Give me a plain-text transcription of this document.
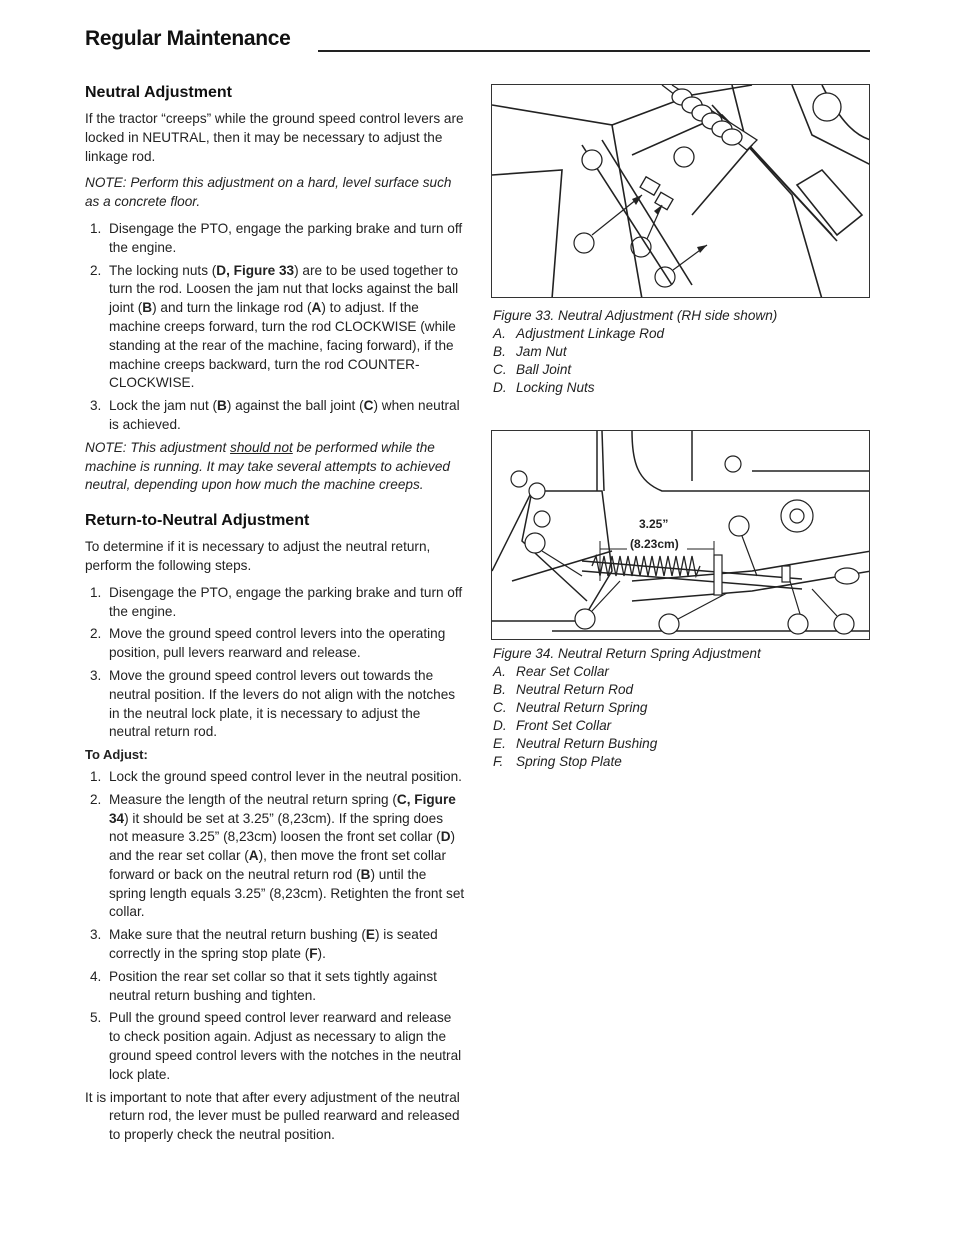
Regular Maintenance
Neutral Adjustment

If the tractor “creeps” while the ground speed control levers are locked in NEUTRAL, then it may be necessary to adjust the linkage rod.

NOTE: Perform this adjustment on a hard, level surface such as a concrete floor.

1. Disengage the PTO, engage the parking brake and turn off the engine.
2. The locking nuts (D, Figure 33) are to be used together to turn the rod. Loosen the jam nut that locks against the ball joint (B) and turn the linkage rod (A) to adjust. If the machine creeps forward, turn the rod CLOCKWISE (while standing at the rear of the machine, facing forward), if the machine creeps backward, turn the rod COUNTER-CLOCKWISE.
3. Lock the jam nut (B) against the ball joint (C) when neutral is achieved.

NOTE: This adjustment should not be performed while the machine is running. It may take several attempts to achieved neutral, depending upon how much the machine creeps.

Return-to-Neutral Adjustment

To determine if it is necessary to adjust the neutral return, perform the following steps.

1. Disengage the PTO, engage the parking brake and turn off the engine.
2. Move the ground speed control levers into the operating position, pull levers rearward and release.
3. Move the ground speed control levers out towards the neutral position. If the levers do not align with the notches in the neutral lock plate, it is necessary to adjust the neutral return rod.
To Adjust:
1. Lock the ground speed control lever in the neutral position.
2. Measure the length of the neutral return spring (C, Figure 34) it should be set at 3.25” (8,23cm). If the spring does not measure 3.25” (8,23cm) loosen the front set collar (D) and the rear set collar (A), then move the front set collar forward or back on the neutral return rod (B) until the spring length equals 3.25” (8,23cm). Retighten the front set collar.
3. Make sure that the neutral return bushing (E) is seated correctly in the spring stop plate (F).
4. Position the rear set collar so that it sets tightly against neutral return bushing and tighten.
5. Pull the ground speed control lever rearward and release to check position again. Adjust as necessary to align the ground speed control levers with the notches in the neutral lock plate.

It is important to note that after every adjustment of the neutral return rod, the lever must be pulled rearward and released to properly check the neutral position.

Figure 33. Neutral Adjustment (RH side shown)
A. Adjustment Linkage Rod
B. Jam Nut
C. Ball Joint
D. Locking Nuts
3.25”
(8.23cm)
Figure 34. Neutral Return Spring Adjustment
A. Rear Set Collar
B. Neutral Return Rod
C. Neutral Return Spring
D. Front Set Collar
E. Neutral Return Bushing
F. Spring Stop Plate
